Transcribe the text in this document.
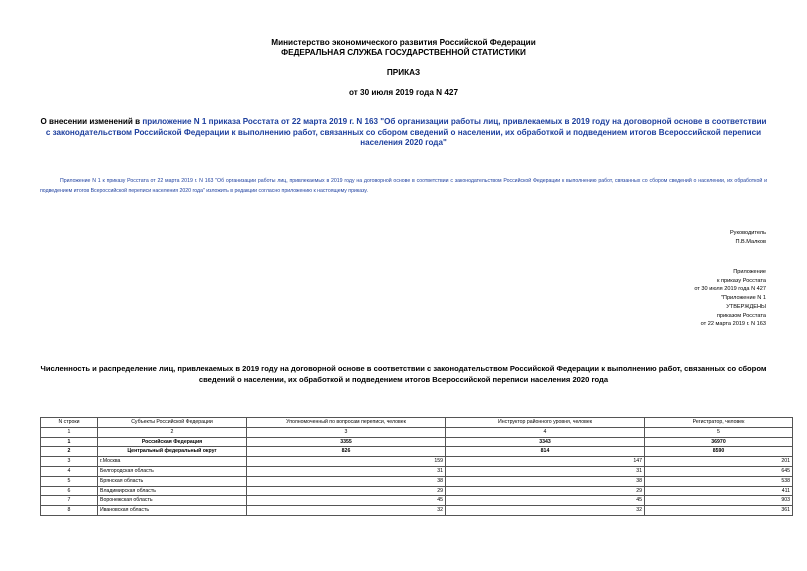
Министерство экономического развития Российской Федерации
ФЕДЕРАЛЬНАЯ СЛУЖБА ГОСУДАРСТВЕННОЙ СТАТИСТИКИ
ПРИКАЗ
от 30 июля 2019 года N 427
О внесении изменений в приложение N 1 приказа Росстата от 22 марта 2019 г. N 163 "Об организации работы лиц, привлекаемых в 2019 году на договорной основе в соответствии с законодательством Российской Федерации к выполнению работ, связанных со сбором сведений о населении, их обработкой и подведением итогов Всероссийской переписи населения 2020 года"
Приложение N 1 к приказу Росстата от 22 марта 2019 г. N 163 "Об организации работы лиц, привлекаемых в 2019 году на договорной основе в соответствии с законодательством Российской Федерации к выполнению работ, связанных со сбором сведений о населении, их обработкой и подведением итогов Всероссийской переписи населения 2020 года" изложить в редакции согласно приложению к настоящему приказу.
Руководитель
П.В.Малков
Приложение
к приказу Росстата
от 30 июля 2019 года N 427
"Приложение N 1
УТВЕРЖДЕНЫ
приказом Росстата
от 22 марта 2019 г. N 163
Численность и распределение лиц, привлекаемых в 2019 году на договорной основе в соответствии с законодательством Российской Федерации к выполнению работ, связанных со сбором сведений о населении, их обработкой и подведением итогов Всероссийской переписи населения 2020 года
N строки	Субъекты Российской Федерации	Уполномоченный по вопросам переписи, человек	Инструктор районного уровня, человек	Регистратор, человек
1	2	3	4	5
1	Российская Федерация	3355	3343	36970
2	Центральный федеральный округ	826	814	8590
3	г.Москва	159	147	201
4	Белгородская область	31	31	645
5	Брянская область	38	38	538
6	Владимирская область	29	29	411
7	Воронежская область	45	45	903
8	Ивановская область	32	32	361
